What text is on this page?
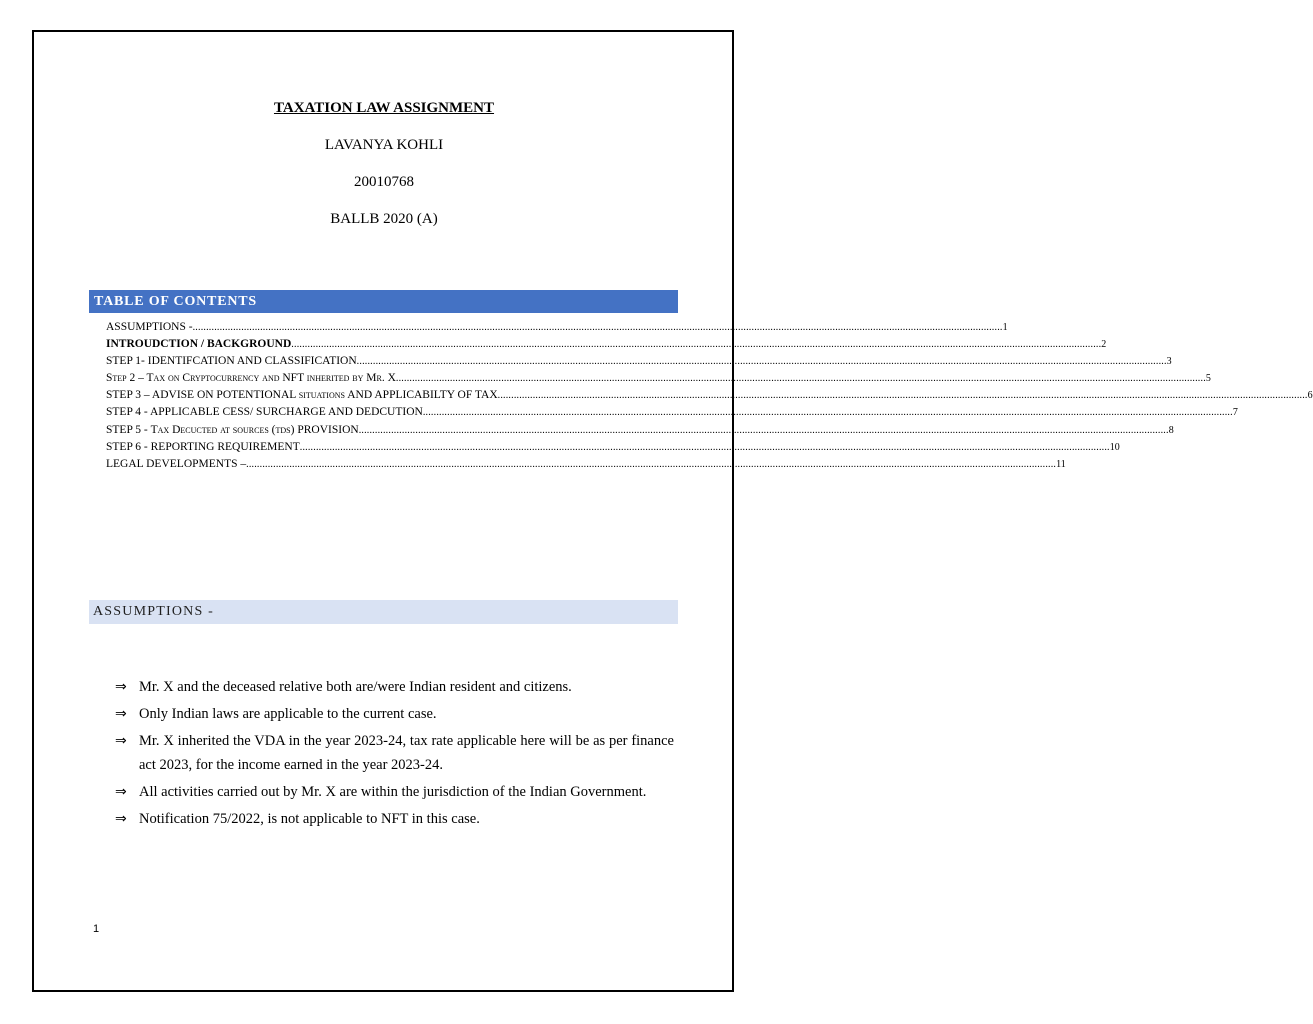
TAXATION LAW ASSIGNMENT
LAVANYA KOHLI
20010768
BALLB 2020 (A)
TABLE OF CONTENTS
ASSUMPTIONS - ............................................................................................................................................................................................................................................................................................................ 1
INTROUDCTION / BACKGROUND ............................................................................................................................................................................................................................................................................................................ 2
STEP 1- IDENTIFCATION AND CLASSIFICATION ............................................................................................................................................................................................................................................................................................................ 3
Step 2 – Tax on Cryptocurrency and NFT inherited by Mr. X ............................................................................................................................................................................................................................................................................................................ 5
STEP 3 – ADVISE ON POTENTIONAL situations AND APPLICABILTY OF TAX ............................................................................................................................................................................................................................................................................................................ 6
STEP 4 - APPLICABLE CESS/ SURCHARGE AND DEDCUTION ............................................................................................................................................................................................................................................................................................................ 7
STEP 5 - Tax Decucted at sources (tds) PROVISION ............................................................................................................................................................................................................................................................................................................ 8
STEP 6 - REPORTING REQUIREMENT ............................................................................................................................................................................................................................................................................................................ 10
LEGAL DEVELOPMENTS – ............................................................................................................................................................................................................................................................................................................ 11
ASSUMPTIONS -
⇒ Mr. X and the deceased relative both are/were Indian resident and citizens.
⇒ Only Indian laws are applicable to the current case.
⇒ Mr. X inherited the VDA in the year 2023-24, tax rate applicable here will be as per finance act 2023, for the income earned in the year 2023-24.
⇒ All activities carried out by Mr. X are within the jurisdiction of the Indian Government.
⇒ Notification 75/2022, is not applicable to NFT in this case.
1
